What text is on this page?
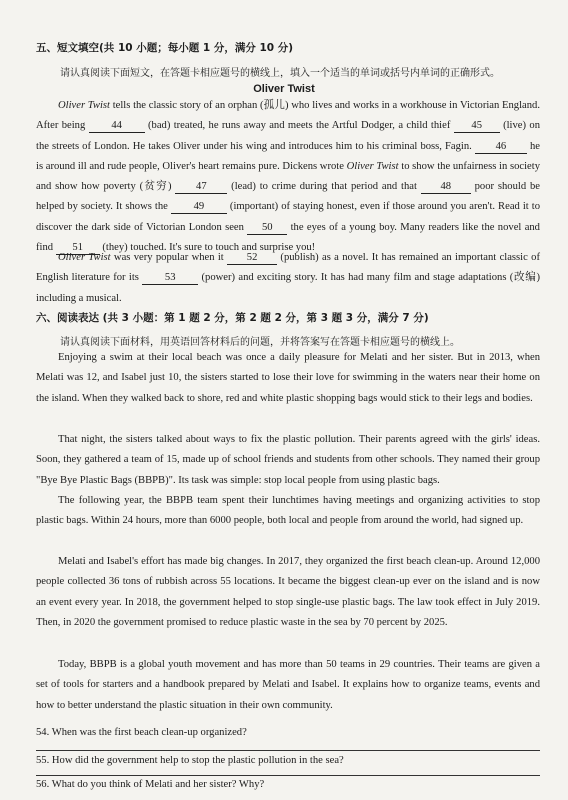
五、短文填空(共 10 小题；每小题 1 分，满分 10 分)
请认真阅读下面短文，在答题卡相应题号的横线上，填入一个适当的单词或括号内单词的正确形式。
Oliver Twist
Oliver Twist tells the classic story of an orphan (孤儿) who lives and works in a workhouse in Victorian England. After being 44 (bad) treated, he runs away and meets the Artful Dodger, a child thief 45 (live) on the streets of London. He takes Oliver under his wing and introduces him to his criminal boss, Fagin. 46 he is around ill and rude people, Oliver's heart remains pure. Dickens wrote Oliver Twist to show the unfairness in society and show how poverty (贫穷) 47 (lead) to crime during that period and that 48 poor should be helped by society. It shows the 49 (important) of staying honest, even if those around you aren't. Read it to discover the dark side of Victorian London seen 50 the eyes of a young boy. Many readers like the novel and find 51 (they) touched. It's sure to touch and surprise you!
Oliver Twist was very popular when it 52 (publish) as a novel. It has remained an important classic of English literature for its 53 (power) and exciting story. It has had many film and stage adaptations (改编) including a musical.
六、阅读表达 (共 3 小题：第 1 题 2 分，第 2 题 2 分，第 3 题 3 分，满分 7 分)
请认真阅读下面材料，用英语回答材料后的问题，并将答案写在答题卡相应题号的横线上。
Enjoying a swim at their local beach was once a daily pleasure for Melati and her sister. But in 2013, when Melati was 12, and Isabel just 10, the sisters started to lose their love for swimming in the waters near their home on the island. When they walked back to shore, red and white plastic shopping bags would stick to their legs and bodies.
That night, the sisters talked about ways to fix the plastic pollution. Their parents agreed with the girls' ideas. Soon, they gathered a team of 15, made up of school friends and students from other schools. They named their group "Bye Bye Plastic Bags (BBPB)". Its task was simple: stop local people from using plastic bags.
The following year, the BBPB team spent their lunchtimes having meetings and organizing activities to stop plastic bags. Within 24 hours, more than 6000 people, both local and people from around the world, had signed up.
Melati and Isabel's effort has made big changes. In 2017, they organized the first beach clean-up. Around 12,000 people collected 36 tons of rubbish across 55 locations. It became the biggest clean-up ever on the island and is now an event every year. In 2018, the government helped to stop single-use plastic bags. The law took effect in July 2019. Then, in 2020 the government promised to reduce plastic waste in the sea by 70 percent by 2025.
Today, BBPB is a global youth movement and has more than 50 teams in 29 countries. Their teams are given a set of tools for starters and a handbook prepared by Melati and Isabel. It explains how to organize teams, events and how to better understand the plastic situation in their own community.
54. When was the first beach clean-up organized?
55. How did the government help to stop the plastic pollution in the sea?
56. What do you think of Melati and her sister? Why?
